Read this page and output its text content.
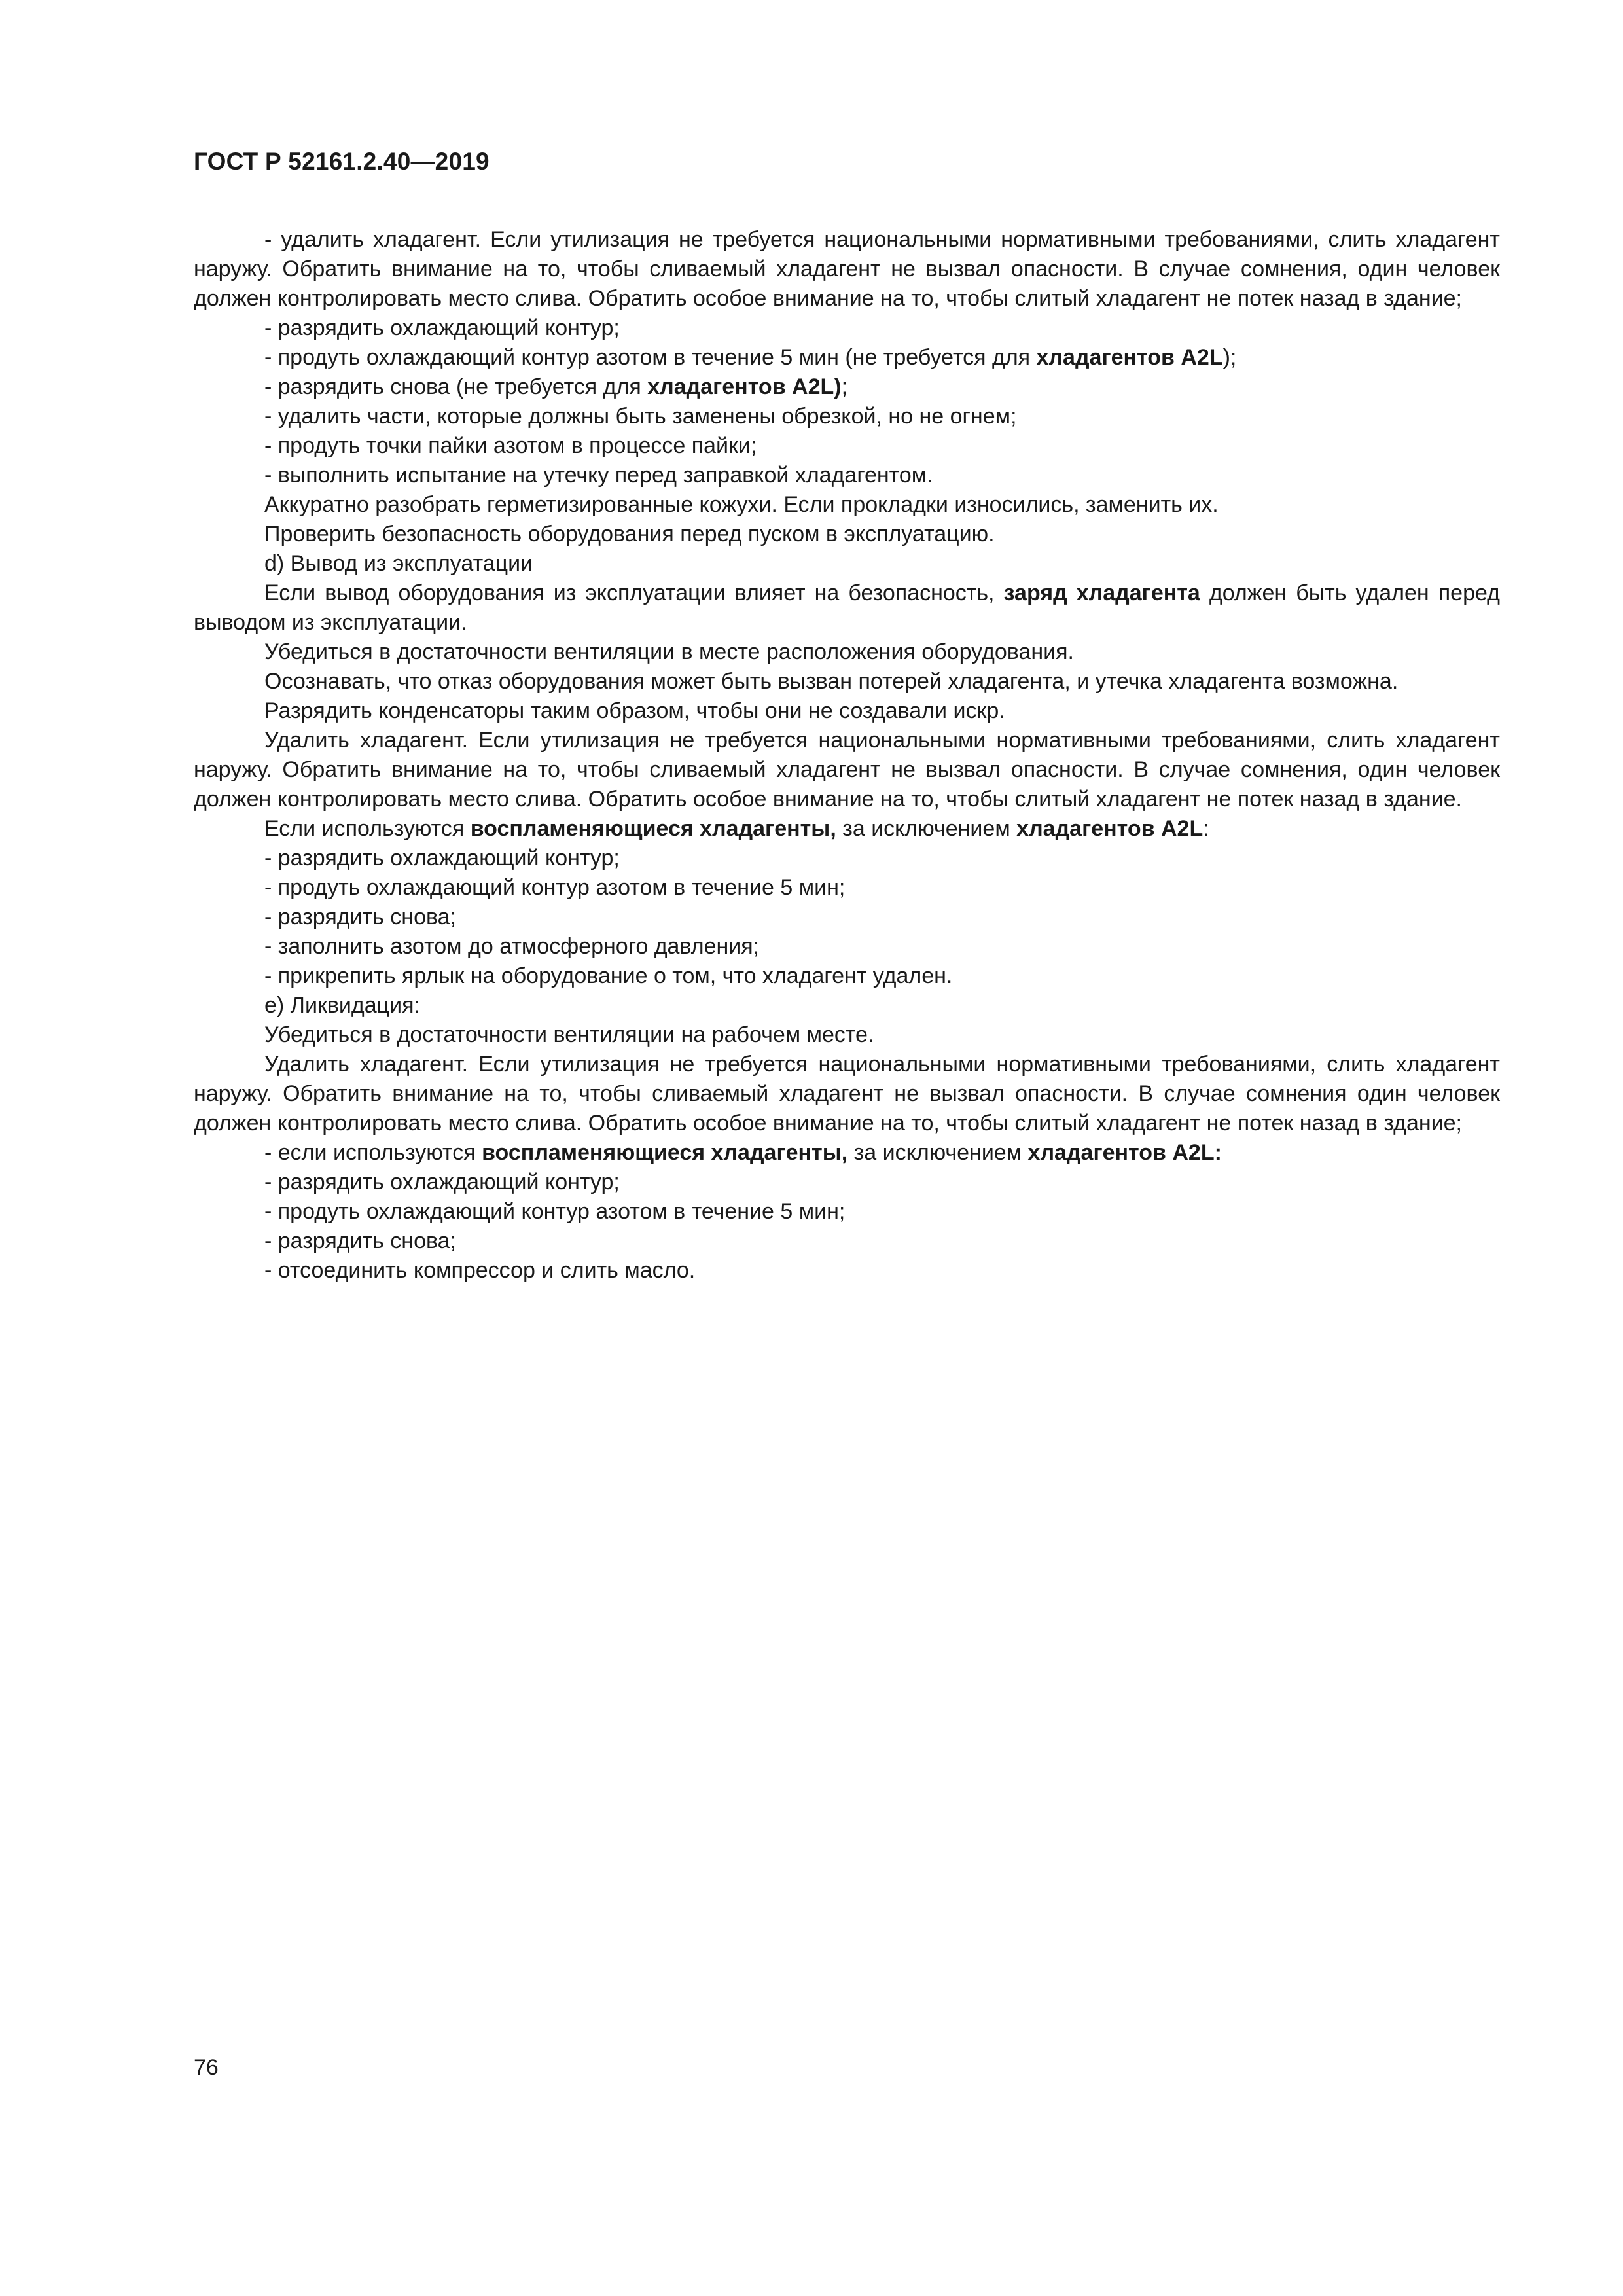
ГОСТ Р 52161.2.40—2019

- удалить хладагент. Если утилизация не требуется национальными нормативными требованиями, слить хладагент наружу. Обратить внимание на то, чтобы сливаемый хладагент не вызвал опасности. В случае сомнения, один человек должен контролировать место слива. Обратить особое внимание на то, чтобы слитый хладагент не потек назад в здание;

- разрядить охлаждающий контур;

- продуть охлаждающий контур азотом в течение 5 мин (не требуется для хладагентов A2L);

- разрядить снова (не требуется для хладагентов A2L);

- удалить части, которые должны быть заменены обрезкой, но не огнем;

- продуть точки пайки азотом в процессе пайки;

- выполнить испытание на утечку перед заправкой хладагентом.

Аккуратно разобрать герметизированные кожухи. Если прокладки износились, заменить их.

Проверить безопасность оборудования перед пуском в эксплуатацию.

d) Вывод из эксплуатации

Если вывод оборудования из эксплуатации влияет на безопасность, заряд хладагента должен быть удален перед выводом из эксплуатации.

Убедиться в достаточности вентиляции в месте расположения оборудования.

Осознавать, что отказ оборудования может быть вызван потерей хладагента, и утечка хладагента возможна.

Разрядить конденсаторы таким образом, чтобы они не создавали искр.

Удалить хладагент. Если утилизация не требуется национальными нормативными требованиями, слить хладагент наружу. Обратить внимание на то, чтобы сливаемый хладагент не вызвал опасности. В случае сомнения, один человек должен контролировать место слива. Обратить особое внимание на то, чтобы слитый хладагент не потек назад в здание.

Если используются воспламеняющиеся хладагенты, за исключением хладагентов A2L:

- разрядить охлаждающий контур;

- продуть охлаждающий контур азотом в течение 5 мин;

- разрядить снова;

- заполнить азотом до атмосферного давления;

- прикрепить ярлык на оборудование о том, что хладагент удален.

e) Ликвидация:

Убедиться в достаточности вентиляции на рабочем месте.

Удалить хладагент. Если утилизация не требуется национальными нормативными требованиями, слить хладагент наружу. Обратить внимание на то, чтобы сливаемый хладагент не вызвал опасности. В случае сомнения один человек должен контролировать место слива. Обратить особое внимание на то, чтобы слитый хладагент не потек назад в здание;

- если используются воспламеняющиеся хладагенты, за исключением хладагентов A2L:

- разрядить охлаждающий контур;

- продуть охлаждающий контур азотом в течение 5 мин;

- разрядить снова;

- отсоединить компрессор и слить масло.

76
